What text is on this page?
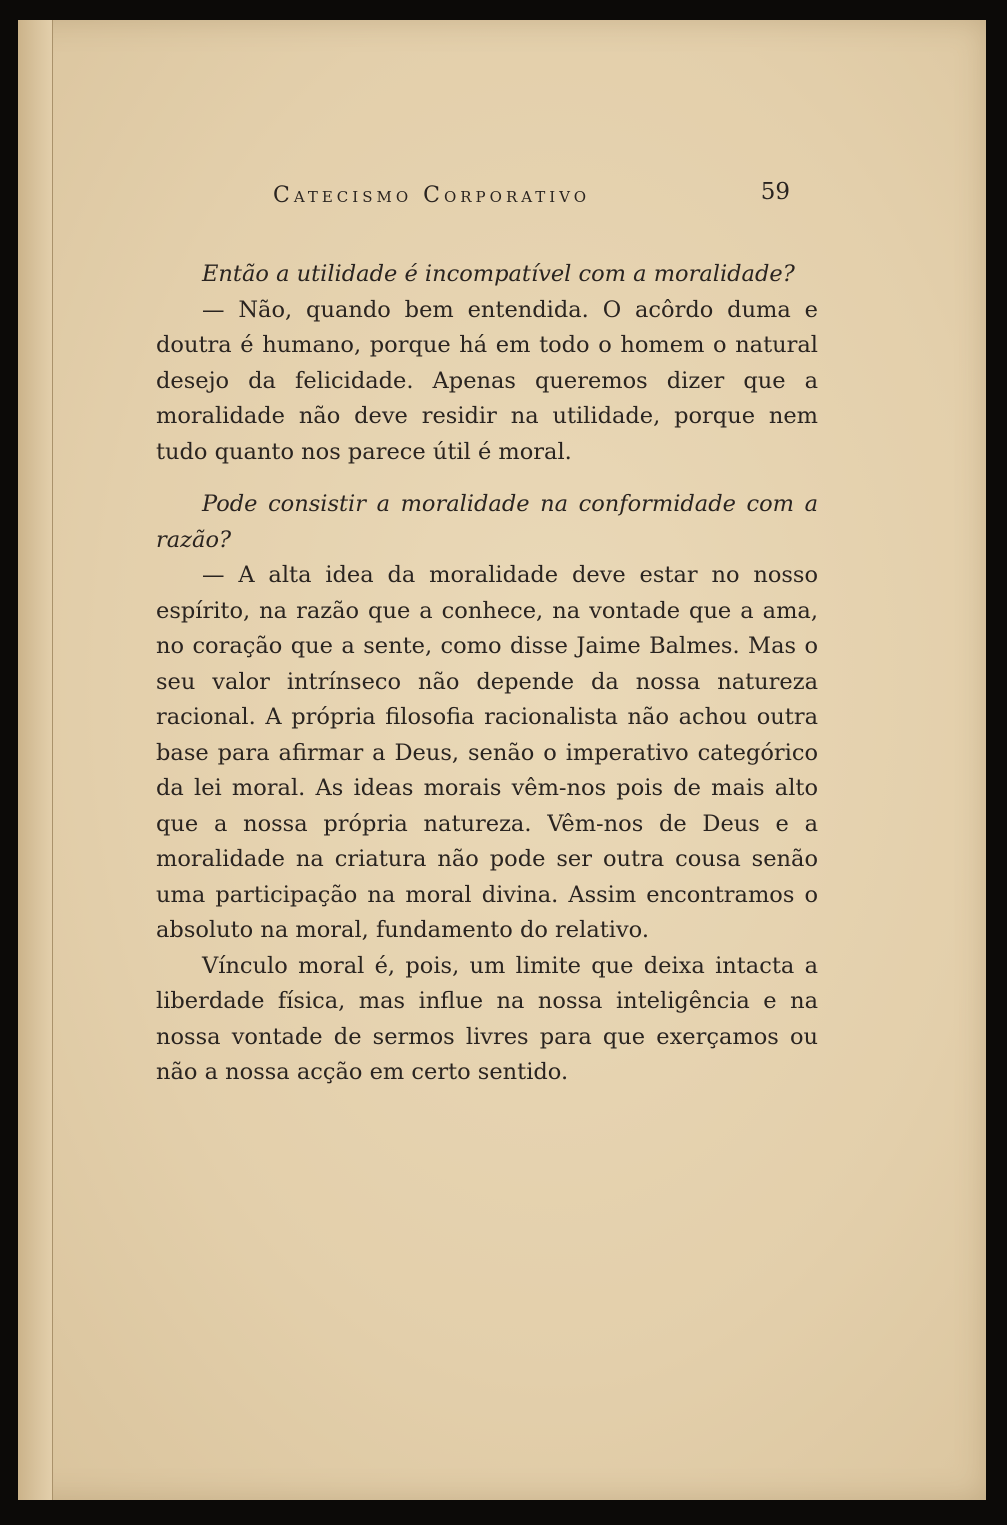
Catecismo Corporativo	59

Então a utilidade é incompatível com a moralidade?

— Não, quando bem entendida. O acôrdo duma e doutra é humano, porque há em todo o homem o natural desejo da felicidade. Apenas queremos dizer que a moralidade não deve residir na utilidade, porque nem tudo quanto nos parece útil é moral.

Pode consistir a moralidade na conformidade com a razão?

— A alta idea da moralidade deve estar no nosso espírito, na razão que a conhece, na vontade que a ama, no coração que a sente, como disse Jaime Balmes. Mas o seu valor intrínseco não depende da nossa natureza racional. A própria filosofia racionalista não achou outra base para afirmar a Deus, senão o imperativo categórico da lei moral. As ideas morais vêm-nos pois de mais alto que a nossa própria natureza. Vêm-nos de Deus e a moralidade na criatura não pode ser outra cousa senão uma participação na moral divina. Assim encontramos o absoluto na moral, fundamento do relativo.

Vínculo moral é, pois, um limite que deixa intacta a liberdade física, mas influe na nossa inteligência e na nossa vontade de sermos livres para que exerçamos ou não a nossa acção em certo sentido.
